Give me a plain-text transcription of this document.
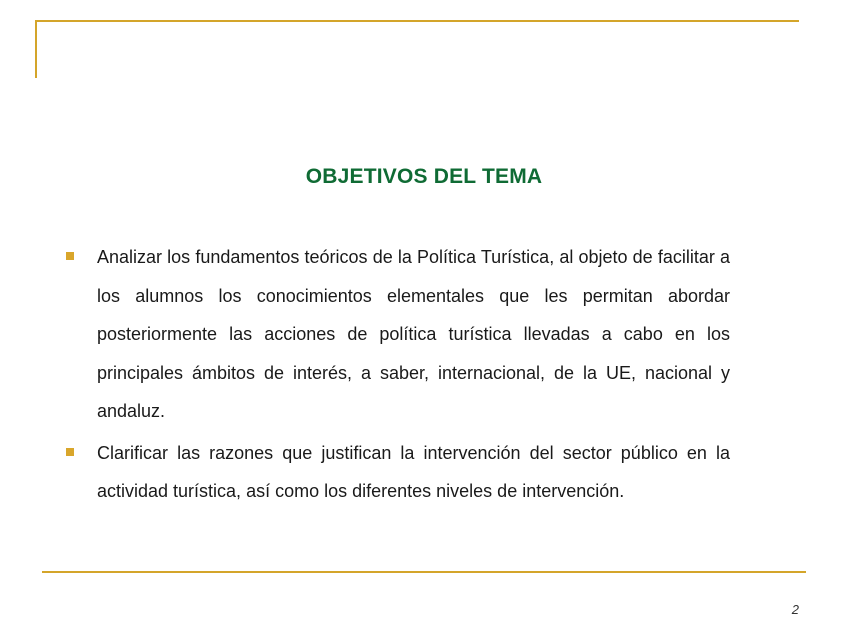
OBJETIVOS DEL TEMA
Analizar los fundamentos teóricos de la Política Turística, al objeto de facilitar a los alumnos los conocimientos elementales que les permitan abordar posteriormente las acciones de política turística llevadas a cabo en los principales ámbitos de interés, a saber, internacional, de la UE, nacional y andaluz.
Clarificar las razones que justifican la intervención del sector público en la actividad turística, así como los diferentes niveles de intervención.
2
